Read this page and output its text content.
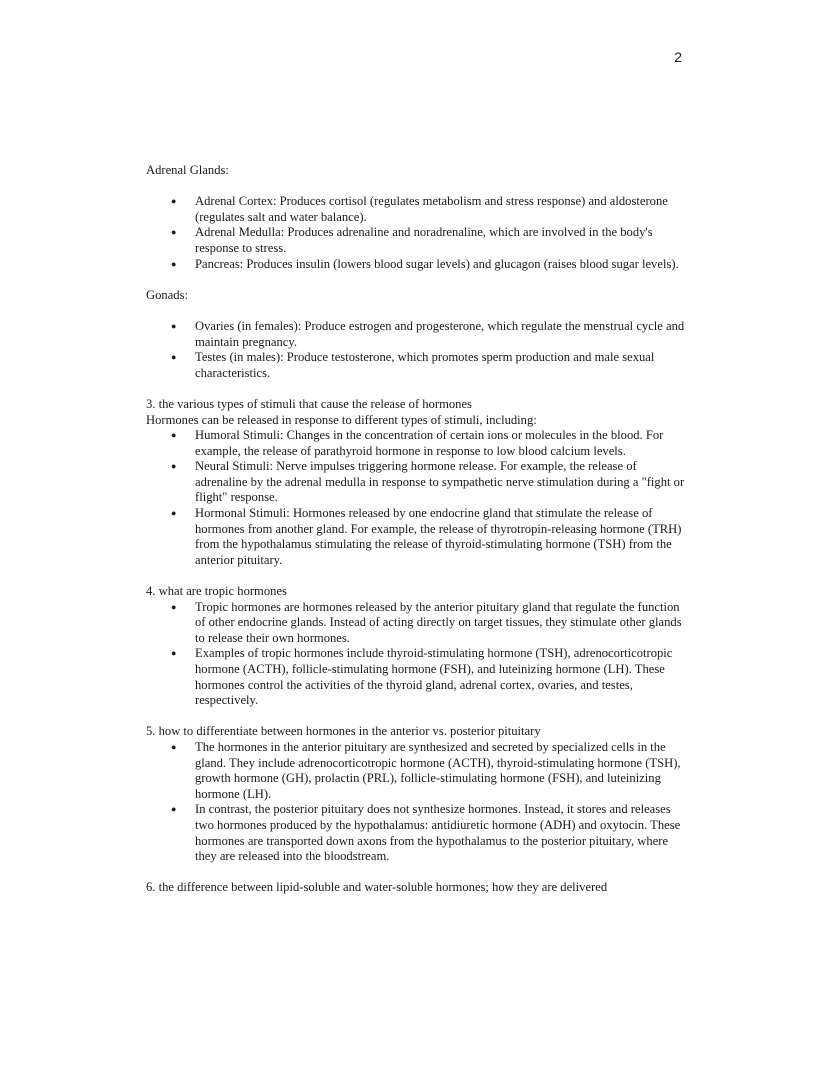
2

Adrenal Glands:

● Adrenal Cortex: Produces cortisol (regulates metabolism and stress response) and aldosterone (regulates salt and water balance).
● Adrenal Medulla: Produces adrenaline and noradrenaline, which are involved in the body's response to stress.
● Pancreas: Produces insulin (lowers blood sugar levels) and glucagon (raises blood sugar levels).

Gonads:

● Ovaries (in females): Produce estrogen and progesterone, which regulate the menstrual cycle and maintain pregnancy.
● Testes (in males): Produce testosterone, which promotes sperm production and male sexual characteristics.

3. the various types of stimuli that cause the release of hormones

Hormones can be released in response to different types of stimuli, including:

● Humoral Stimuli: Changes in the concentration of certain ions or molecules in the blood. For example, the release of parathyroid hormone in response to low blood calcium levels.
● Neural Stimuli: Nerve impulses triggering hormone release. For example, the release of adrenaline by the adrenal medulla in response to sympathetic nerve stimulation during a "fight or flight" response.
● Hormonal Stimuli: Hormones released by one endocrine gland that stimulate the release of hormones from another gland. For example, the release of thyrotropin-releasing hormone (TRH) from the hypothalamus stimulating the release of thyroid-stimulating hormone (TSH) from the anterior pituitary.

4. what are tropic hormones

● Tropic hormones are hormones released by the anterior pituitary gland that regulate the function of other endocrine glands. Instead of acting directly on target tissues, they stimulate other glands to release their own hormones.
● Examples of tropic hormones include thyroid-stimulating hormone (TSH), adrenocorticotropic hormone (ACTH), follicle-stimulating hormone (FSH), and luteinizing hormone (LH). These hormones control the activities of the thyroid gland, adrenal cortex, ovaries, and testes, respectively.

5. how to differentiate between hormones in the anterior vs. posterior pituitary

● The hormones in the anterior pituitary are synthesized and secreted by specialized cells in the gland. They include adrenocorticotropic hormone (ACTH), thyroid-stimulating hormone (TSH), growth hormone (GH), prolactin (PRL), follicle-stimulating hormone (FSH), and luteinizing hormone (LH).
● In contrast, the posterior pituitary does not synthesize hormones. Instead, it stores and releases two hormones produced by the hypothalamus: antidiuretic hormone (ADH) and oxytocin. These hormones are transported down axons from the hypothalamus to the posterior pituitary, where they are released into the bloodstream.

6. the difference between lipid-soluble and water-soluble hormones; how they are delivered
